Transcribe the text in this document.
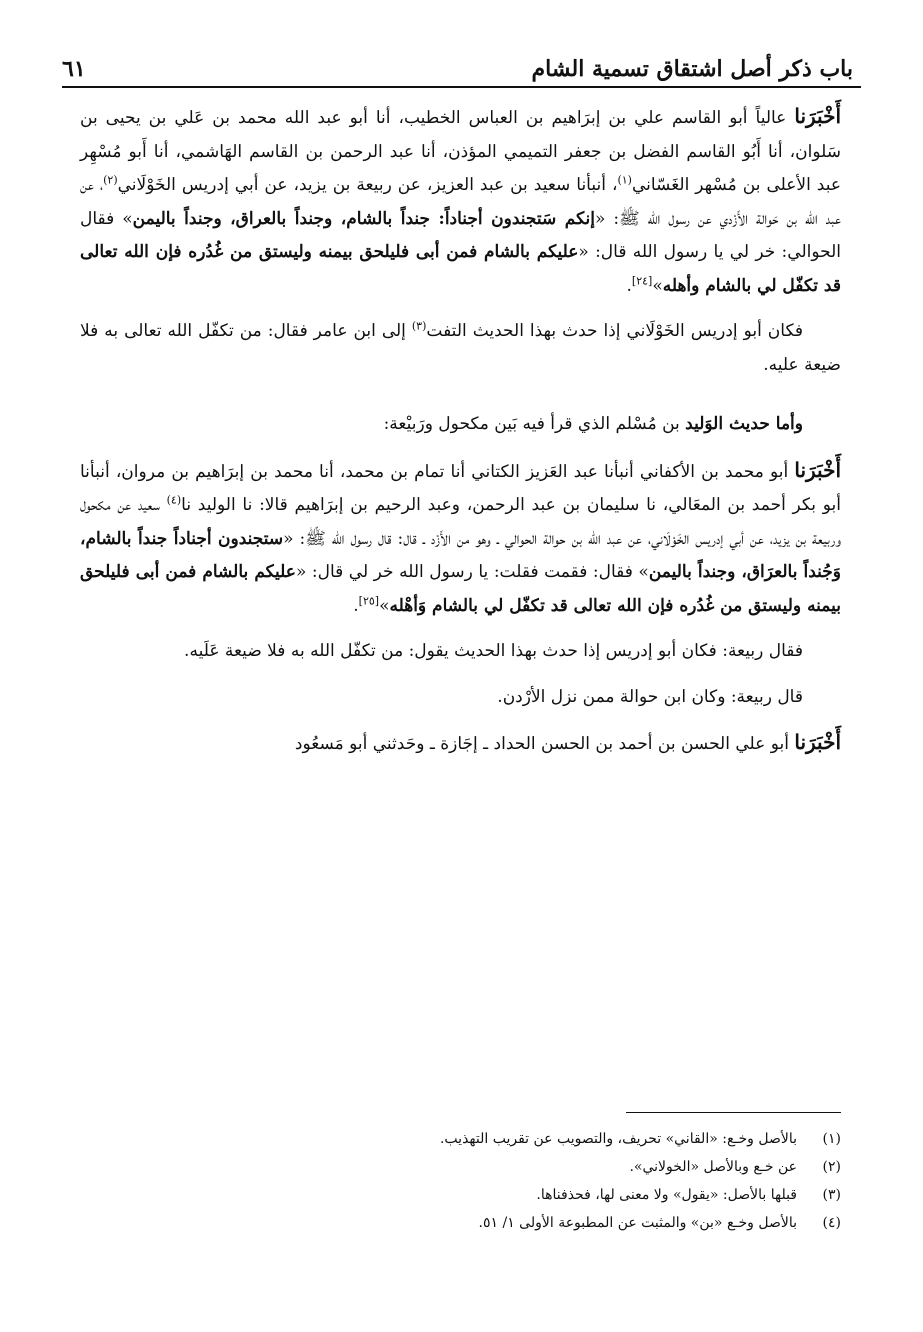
باب ذكر أصل اشتقاق تسمية الشام
٦١

أَخْبَرَنا عالياً أبو القاسم علي بن إبرَاهيم بن العباس الخطيب، أنا أبو عبد الله محمد بن عَلي بن يحيى بن سَلوان، أنا أَبُو القاسم الفضل بن جعفر التميمي المؤذن، أنا عبد الرحمن بن القاسم الهَاشمي، أنا أَبو مُسْهِر عبد الأعلى بن مُسْهر الغَسّاني$^{(١)}$، أنبأنا سعيد بن عبد العزيز، عن ربيعة بن يزيد، عن أبي إدريس الخَوْلَاني$^{(٢)}$، عن عبد اللّٰه بن حَوالة الأَزْدي عن رسول الله ﷺ: «إنكم سَتجندون أجناداً: جنداً بالشام، وجنداً بالعراق، وجنداً باليمن» فقال الحوالي: خر لي يا رسول الله قال: «عليكم بالشام فمن أبى فليلحق بيمنه وليستق من غُدُره فإن الله تعالى قد تكفّل لي بالشام وأهله»[٢٤].

فكان أبو إدريس الخَوْلَاني إذا حدث بهذا الحديث التفت$^{(٣)}$ إلى ابن عامر فقال: من تكفّل الله تعالى به فلا ضيعة عليه.

وأما حديث الوَليد بن مُسْلم الذي قرأ فيه بَين مكحول ورَبيْعة:

أَخْبَرَنا أبو محمد بن الأكفاني أنبأنا عبد العَزيز الكتاني أنا تمام بن محمد، أنا محمد بن إبرَاهيم بن مروان، أنبأنا أبو بكر أحمد بن المعَالي، نا سليمان بن عبد الرحمن، وعبد الرحيم بن إبرَاهيم قالا: نا الوليد نا$^{(٤)}$ سعيد عن مكحول وربيعة بن يزيد، عن أبي إدريس الخَوْلَاني، عن عبد اللّٰه بن حوالة الحوالي ـ وهو من الأَزْد ـ قال: قال رسول الله ﷺ: «ستجندون أجناداً جنداً بالشام، وَجُنداً بالعرَاق، وجنداً باليمن» فقال: فقمت فقلت: يا رسول الله خر لي قال: «عليكم بالشام فمن أبى فليلحق بيمنه وليستق من غُدُره فإن الله تعالى قد تكفّل لي بالشام وَأهْله»[٢٥].

فقال ربيعة: فكان أبو إدريس إذا حدث بهذا الحديث يقول: من تكفّل الله به فلا ضيعة عَلَيه.

قال ربيعة: وكان ابن حوالة ممن نزل الأرْدن.

أَخْبَرَنا أبو علي الحسن بن أحمد بن الحسن الحداد ـ إجَازة ـ وحَدثني أبو مَسعُود

(١)
بالأصل وخـع: «القاني» تحريف، والتصويب عن تقريب التهذيب.
(٢)
عن خـع وبالأصل «الخولاني».
(٣)
قبلها بالأصل: «يقول» ولا معنى لها، فحذفناها.
(٤)
بالأصل وخـع «بن» والمثبت عن المطبوعة الأولى ١/ ٥١.
